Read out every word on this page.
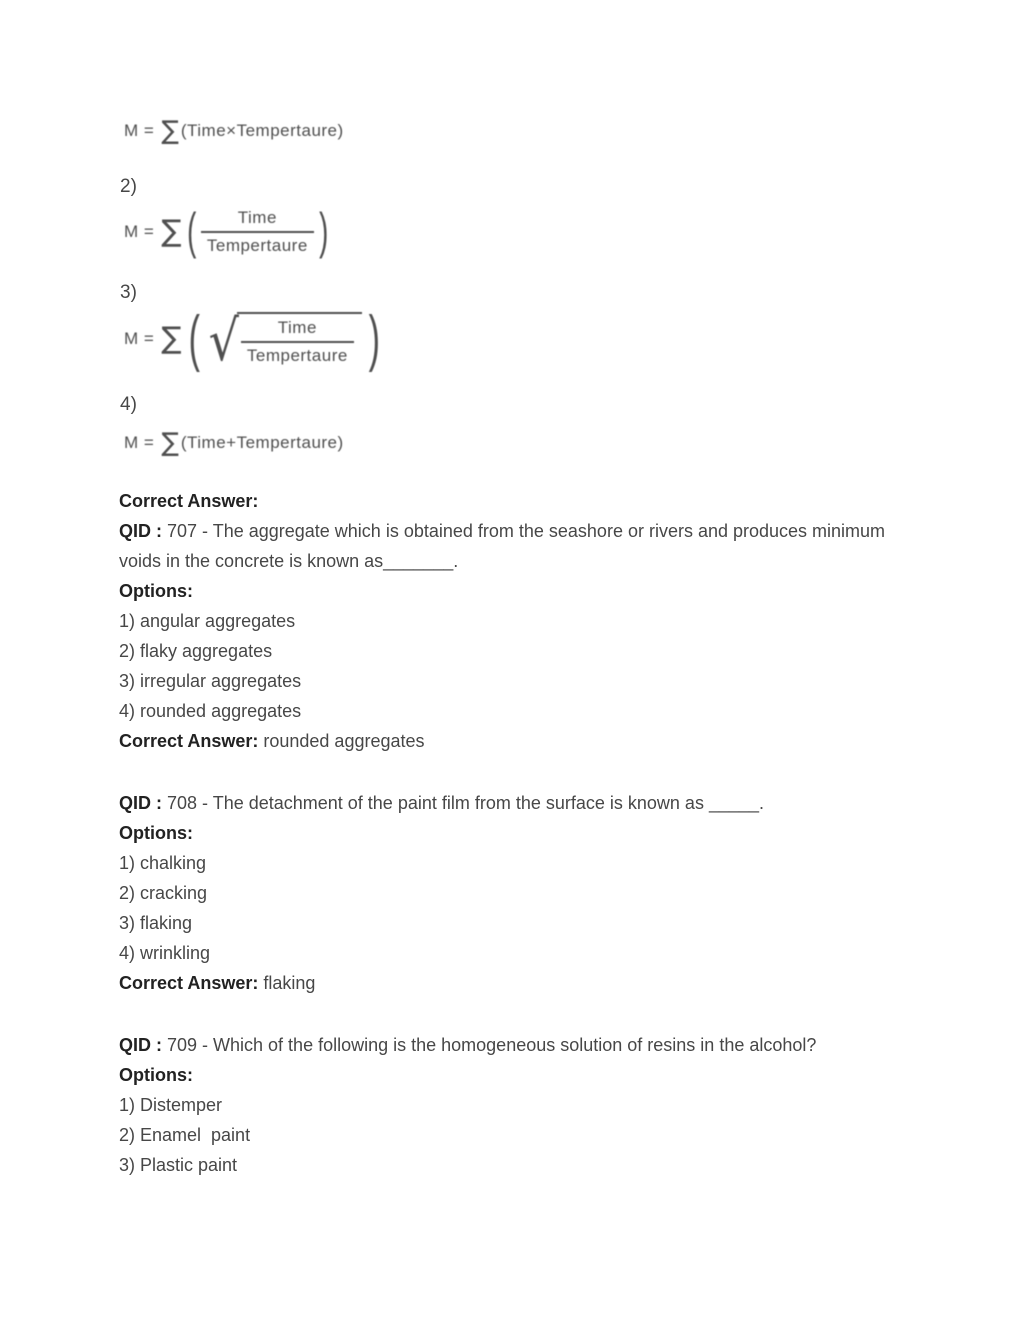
M = ∑ (Time×Tempertaure)
2)
M = ∑ ( $\frac{\text{Time}}{\text{Tempertaure}}$ )
3)
M = ∑ ( √ $\frac{\text{Time}}{\text{Tempertaure}}$ )
4)
M = ∑ (Time+Tempertaure)
Correct Answer:
QID : 707 - The aggregate which is obtained from the seashore or rivers and produces minimum voids in the concrete is known as_______.
Options:
1) angular aggregates
2) flaky aggregates
3) irregular aggregates
4) rounded aggregates
Correct Answer: rounded aggregates
QID : 708 - The detachment of the paint film from the surface is known as _____.
Options:
1) chalking
2) cracking
3) flaking
4) wrinkling
Correct Answer: flaking
QID : 709 - Which of the following is the homogeneous solution of resins in the alcohol?
Options:
1) Distemper
2) Enamel  paint
3) Plastic paint
